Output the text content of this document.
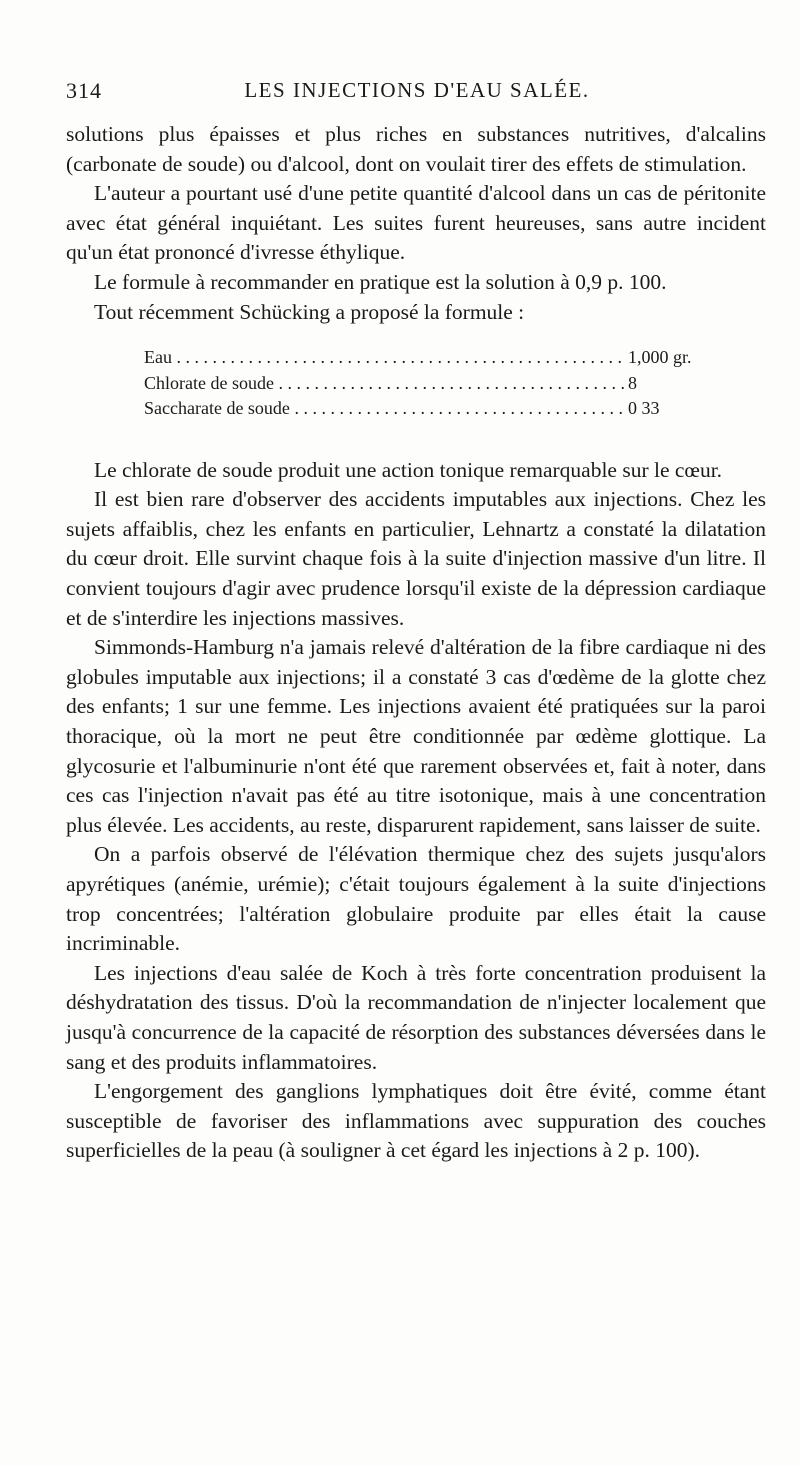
314	LES INJECTIONS D'EAU SALÉE.

solutions plus épaisses et plus riches en substances nutritives, d'alcalins (carbonate de soude) ou d'alcool, dont on voulait tirer des effets de stimulation.

L'auteur a pourtant usé d'une petite quantité d'alcool dans un cas de péritonite avec état général inquiétant. Les suites furent heureuses, sans autre incident qu'un état prononcé d'ivresse éthylique.

Le formule à recommander en pratique est la solution à 0,9 p. 100.

Tout récemment Schücking a proposé la formule :

Eau . . .	1,000 gr.
Chlorate de soude . . .	8
Saccharate de soude . . .	0 33

Le chlorate de soude produit une action tonique remarquable sur le cœur.

Il est bien rare d'observer des accidents imputables aux injections. Chez les sujets affaiblis, chez les enfants en particulier, Lehnartz a constaté la dilatation du cœur droit. Elle survint chaque fois à la suite d'injection massive d'un litre. Il convient toujours d'agir avec prudence lorsqu'il existe de la dépression cardiaque et de s'interdire les injections massives.

Simmonds-Hamburg n'a jamais relevé d'altération de la fibre cardiaque ni des globules imputable aux injections; il a constaté 3 cas d'œdème de la glotte chez des enfants; 1 sur une femme. Les injections avaient été pratiquées sur la paroi thoracique, où la mort ne peut être conditionnée par œdème glottique. La glycosurie et l'albuminurie n'ont été que rarement observées et, fait à noter, dans ces cas l'injection n'avait pas été au titre isotonique, mais à une concentration plus élevée. Les accidents, au reste, disparurent rapidement, sans laisser de suite.

On a parfois observé de l'élévation thermique chez des sujets jusqu'alors apyrétiques (anémie, urémie); c'était toujours également à la suite d'injections trop concentrées; l'altération globulaire produite par elles était la cause incriminable.

Les injections d'eau salée de Koch à très forte concentration produisent la déshydratation des tissus. D'où la recommandation de n'injecter localement que jusqu'à concurrence de la capacité de résorption des substances déversées dans le sang et des produits inflammatoires.

L'engorgement des ganglions lymphatiques doit être évité, comme étant susceptible de favoriser des inflammations avec suppuration des couches superficielles de la peau (à souligner à cet égard les injections à 2 p. 100).
